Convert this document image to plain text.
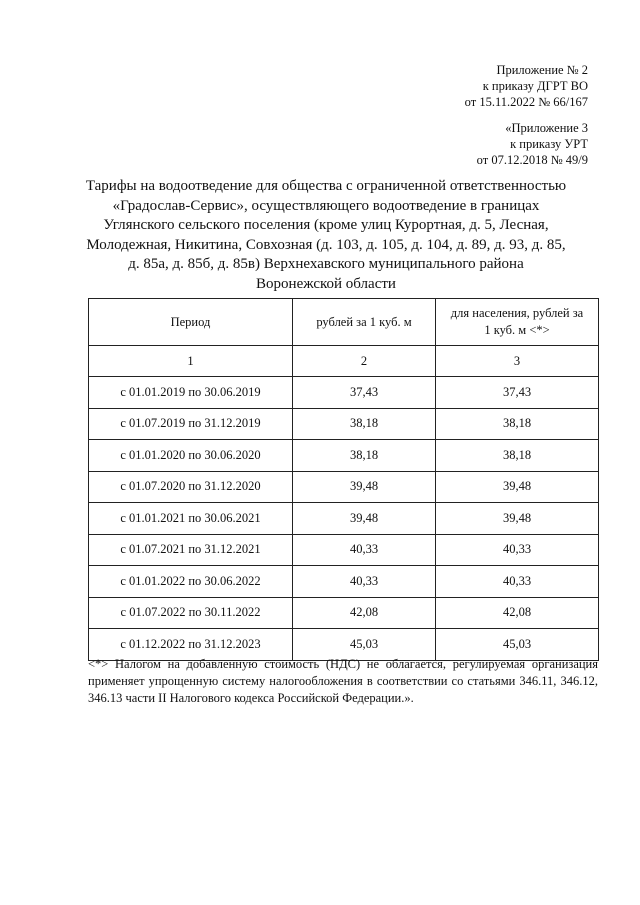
Приложение № 2
к приказу ДГРТ ВО
от 15.11.2022 № 66/167
«Приложение 3
к приказу УРТ
от 07.12.2018 № 49/9
Тарифы на водоотведение для общества с ограниченной ответственностью
«Градослав-Сервис», осуществляющего водоотведение в границах
Углянского сельского поселения (кроме улиц Курортная, д. 5, Лесная,
Молодежная, Никитина, Совхозная (д. 103, д. 105, д. 104, д. 89, д. 93, д. 85,
д. 85а, д. 85б, д. 85в) Верхнехавского муниципального района
Воронежской области
Период	рублей за 1 куб. м	для населения, рублей за
1 куб. м <*>
1	2	3
с 01.01.2019 по 30.06.2019	37,43	37,43
с 01.07.2019 по 31.12.2019	38,18	38,18
с 01.01.2020 по 30.06.2020	38,18	38,18
с 01.07.2020 по 31.12.2020	39,48	39,48
с 01.01.2021 по 30.06.2021	39,48	39,48
с 01.07.2021 по 31.12.2021	40,33	40,33
с 01.01.2022 по 30.06.2022	40,33	40,33
с 01.07.2022 по 30.11.2022	42,08	42,08
с 01.12.2022 по 31.12.2023	45,03	45,03
<*> Налогом на добавленную стоимость (НДС) не облагается, регулируемая организация применяет упрощенную систему налогообложения в соответствии со статьями 346.11, 346.12, 346.13 части II Налогового кодекса Российской Федерации.».
